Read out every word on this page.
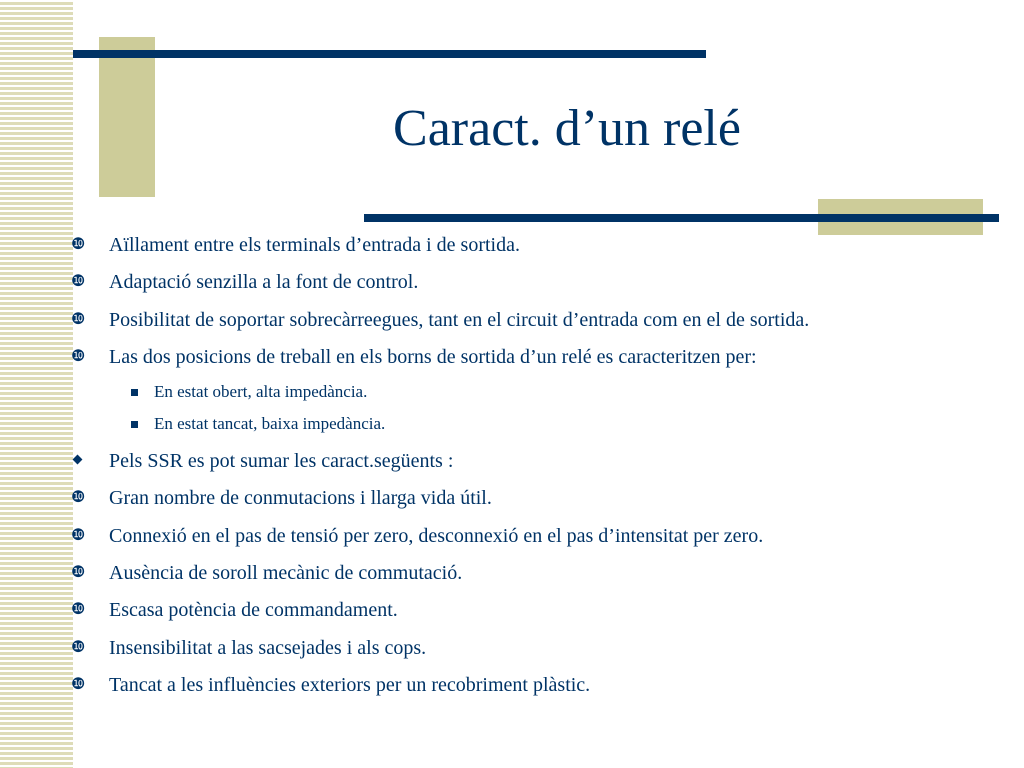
Caract. d’un relé
❿ Aïllament entre els terminals d’entrada i de sortida.
❿ Adaptació senzilla a la font de control.
❿ Posibilitat de soportar sobrecàrreegues, tant en el circuit d’entrada com en el de sortida.
❿ Las dos posicions de treball en els borns de sortida d’un relé es caracteritzen per:
En estat obert, alta impedància.
En estat tancat, baixa impedància.
Pels SSR es pot sumar les caract.següents :
❿ Gran nombre de conmutacions i llarga vida útil.
❿ Connexió en el pas de tensió per zero, desconnexió en el pas d’intensitat per zero.
❿ Ausència de soroll mecànic de commutació.
❿ Escasa potència de commandament.
❿ Insensibilitat a las sacsejades i als cops.
❿ Tancat a les influències exteriors per un recobriment plàstic.
